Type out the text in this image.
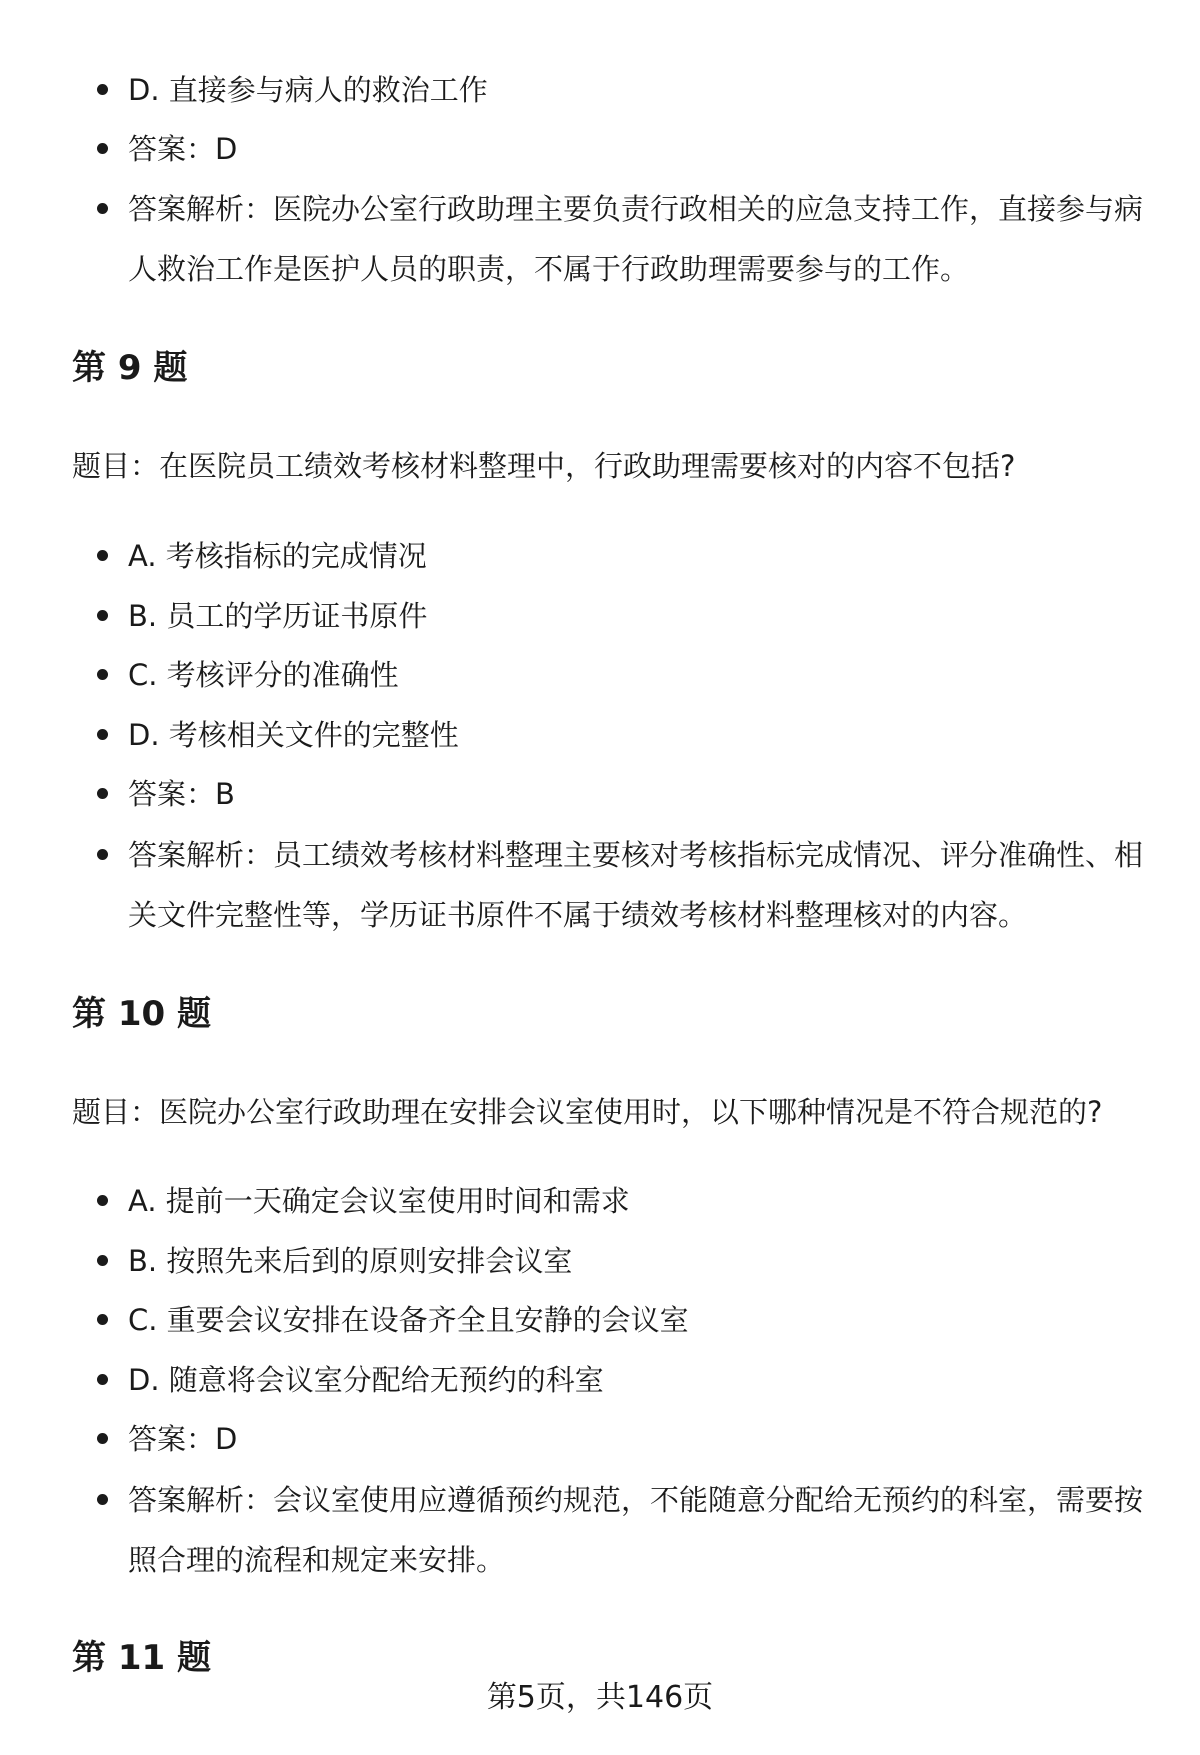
D. 直接参与病人的救治工作

答案：D

答案解析：医院办公室行政助理主要负责行政相关的应急支持工作，直接参与病人救治工作是医护人员的职责，不属于行政助理需要参与的工作。

第 9 题

题目：在医院员工绩效考核材料整理中，行政助理需要核对的内容不包括?

A. 考核指标的完成情况

B. 员工的学历证书原件

C. 考核评分的准确性

D. 考核相关文件的完整性

答案：B

答案解析：员工绩效考核材料整理主要核对考核指标完成情况、评分准确性、相关文件完整性等，学历证书原件不属于绩效考核材料整理核对的内容。

第 10 题

题目：医院办公室行政助理在安排会议室使用时，以下哪种情况是不符合规范的?

A. 提前一天确定会议室使用时间和需求

B. 按照先来后到的原则安排会议室

C. 重要会议安排在设备齐全且安静的会议室

D. 随意将会议室分配给无预约的科室

答案：D

答案解析：会议室使用应遵循预约规范，不能随意分配给无预约的科室，需要按照合理的流程和规定来安排。

第 11 题
第5页，共146页
